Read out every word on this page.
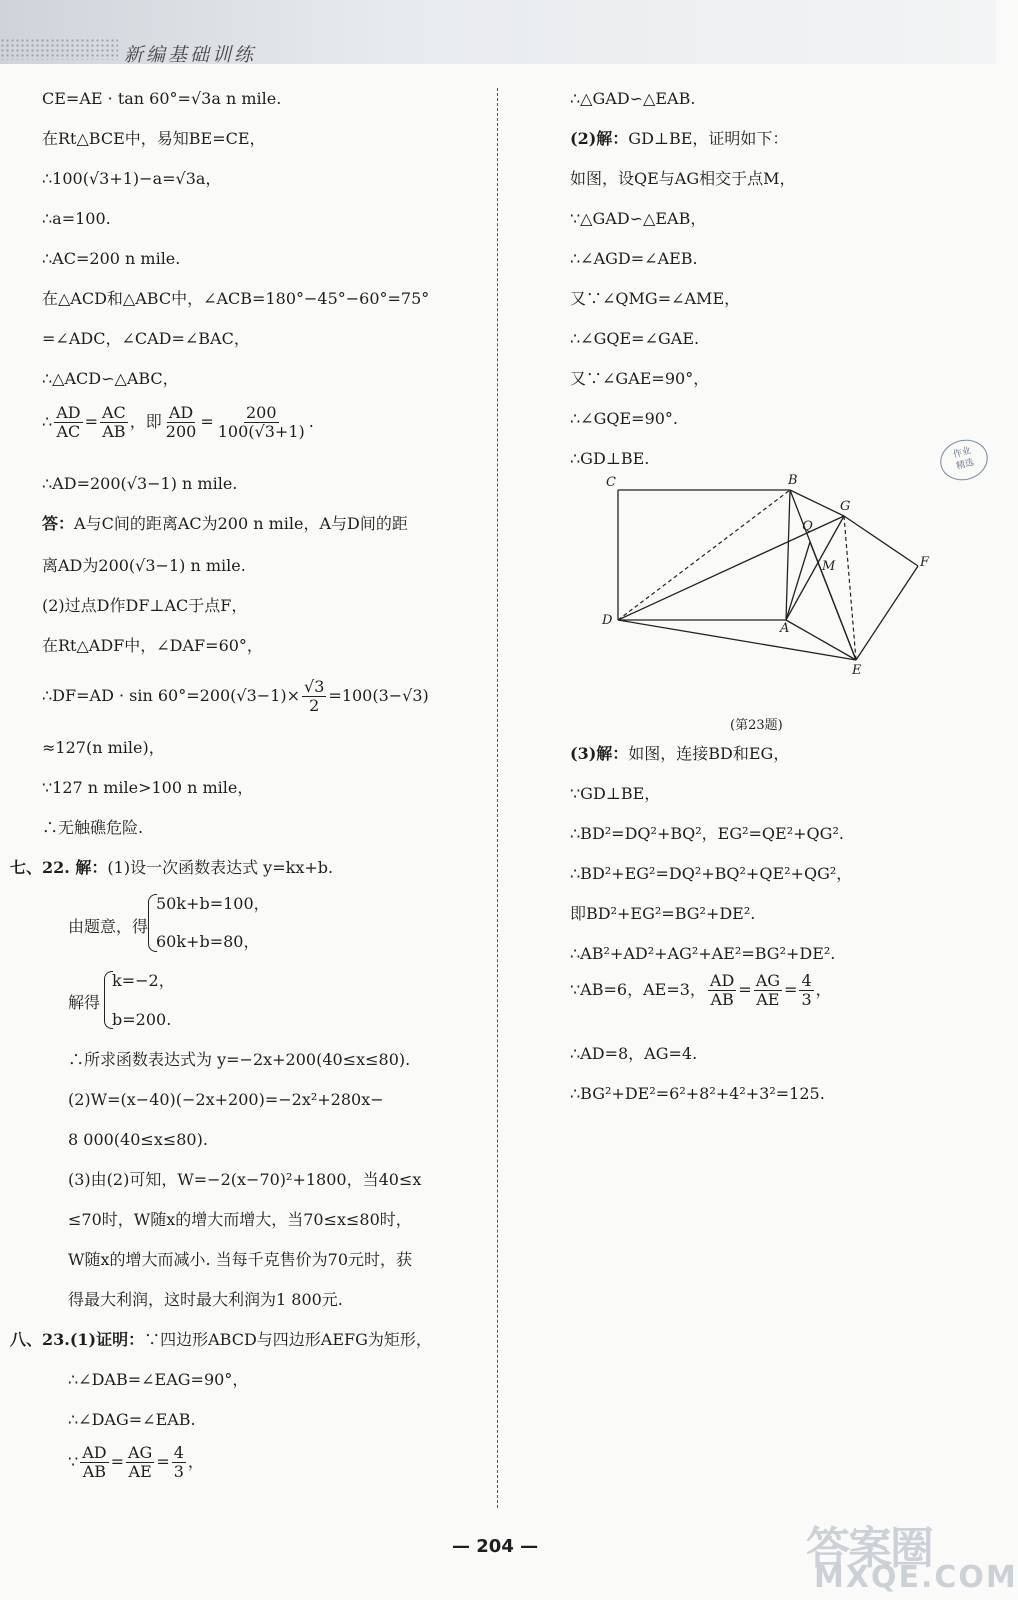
新编基础训练
∴ $\frac{AD}{AC} = \frac{AC}{AB}$ ，即 $\frac{AD}{200} = \frac{200}{100(√3+1)}$ .
∴DF=AD · $\sin 60^\circ=200(√3-1)\times \frac{√3}{2} =100(3-√3)$
七、22. 解：(1)设一次函数表达式 y=kx+b.
由题意，得
50k+b=100，
60k+b=80，
解得
k=−2，
b=200.
∴所求函数表达式为 y=−2x+200(40≤x≤80).
(2)W=(x−40)(−2x+200)=−2x²+280x−
8 000(40≤x≤80).
(3)由(2)可知，W=−2(x−70)²+1800，当40≤x
≤70时，W随x的增大而增大，当70≤x≤80时，
W随x的增大而减小. 当每千克售价为70元时，获
得最大利润，这时最大利润为1 800元.
八、23.(1)证明：∵四边形ABCD与四边形AEFG为矩形，
∴∠DAB=∠EAG=90°，
∴∠DAG=∠EAB.
∵ $\frac{AD}{AB} = \frac{AG}{AE} = \frac{4}{3}$ ，
∵AB=6，AE=3， $\frac{AD}{AB} = \frac{AG}{AE} = \frac{4}{3}$ ，
C	B
G
Q
M	F
D
A
E
(第23题)
作业
精选
— 204 —	答案圈
MXQE.COM
CE=AE · tan 60°=√3a n mile.
在Rt△BCE中，易知BE=CE，
∴100(√3+1)−a=√3a，
∴a=100.
∴AC=200 n mile.
在△ACD和△ABC中，∠ACB=180°−45°−60°=75°
=∠ADC，∠CAD=∠BAC，
∴△ACD∽△ABC，
∴AD=200(√3−1) n mile.
答：A与C间的距离AC为200 n mile，A与D间的距
离AD为200(√3−1) n mile.
(2)过点D作DF⊥AC于点F，
在Rt△ADF中，∠DAF=60°，
≈127(n mile)，
∵127 n mile>100 n mile，
∴无触礁危险.
∴△GAD∽△EAB.
(2)解：GD⊥BE，证明如下：
如图，设QE与AG相交于点M，
∵△GAD∽△EAB，
∴∠AGD=∠AEB.
又∵∠QMG=∠AME，
∴∠GQE=∠GAE.
又∵∠GAE=90°，
∴∠GQE=90°.
∴GD⊥BE.
(3)解：如图，连接BD和EG，
∵GD⊥BE，
∴BD²=DQ²+BQ²，EG²=QE²+QG².
∴BD²+EG²=DQ²+BQ²+QE²+QG²，
即BD²+EG²=BG²+DE².
∴AB²+AD²+AG²+AE²=BG²+DE².
∴AD=8，AG=4.
∴BG²+DE²=6²+8²+4²+3²=125.
